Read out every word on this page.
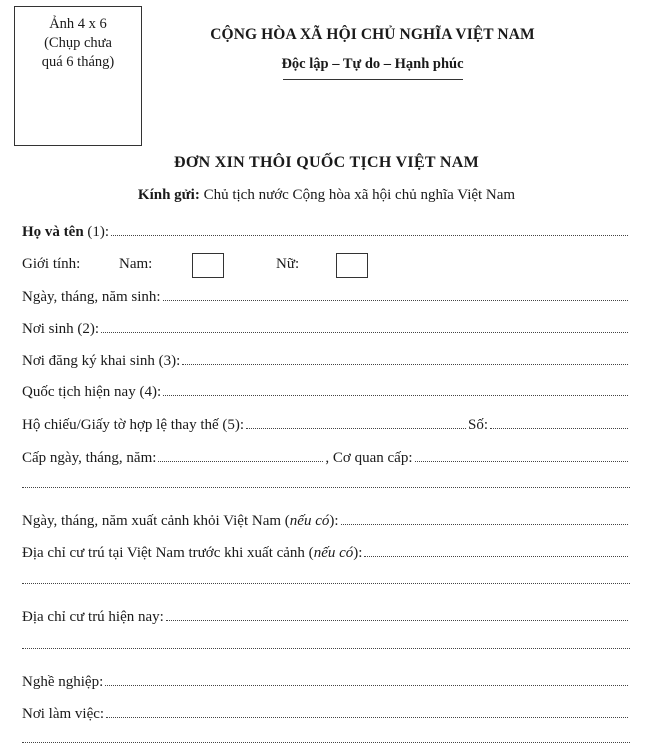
Ảnh 4 x 6
(Chụp chưa
quá 6 tháng)
CỘNG HÒA XÃ HỘI CHỦ NGHĨA VIỆT NAM
Độc lập – Tự do – Hạnh phúc
ĐƠN XIN THÔI QUỐC TỊCH VIỆT NAM
Kính gửi: Chủ tịch nước Cộng hòa xã hội chủ nghĩa Việt Nam
Họ và tên (1):
Giới tính:	Nam:	Nữ:
Ngày, tháng, năm sinh:
Nơi sinh (2):
Nơi đăng ký khai sinh (3):
Quốc tịch hiện nay (4):
Hộ chiếu/Giấy tờ hợp lệ thay thế (5):	Số:
Cấp ngày, tháng, năm:	, Cơ quan cấp:
Ngày, tháng, năm xuất cảnh khỏi Việt Nam (nếu có):
Địa chỉ cư trú tại Việt Nam trước khi xuất cảnh (nếu có):
Địa chỉ cư trú hiện nay:
Nghề nghiệp:
Nơi làm việc:
